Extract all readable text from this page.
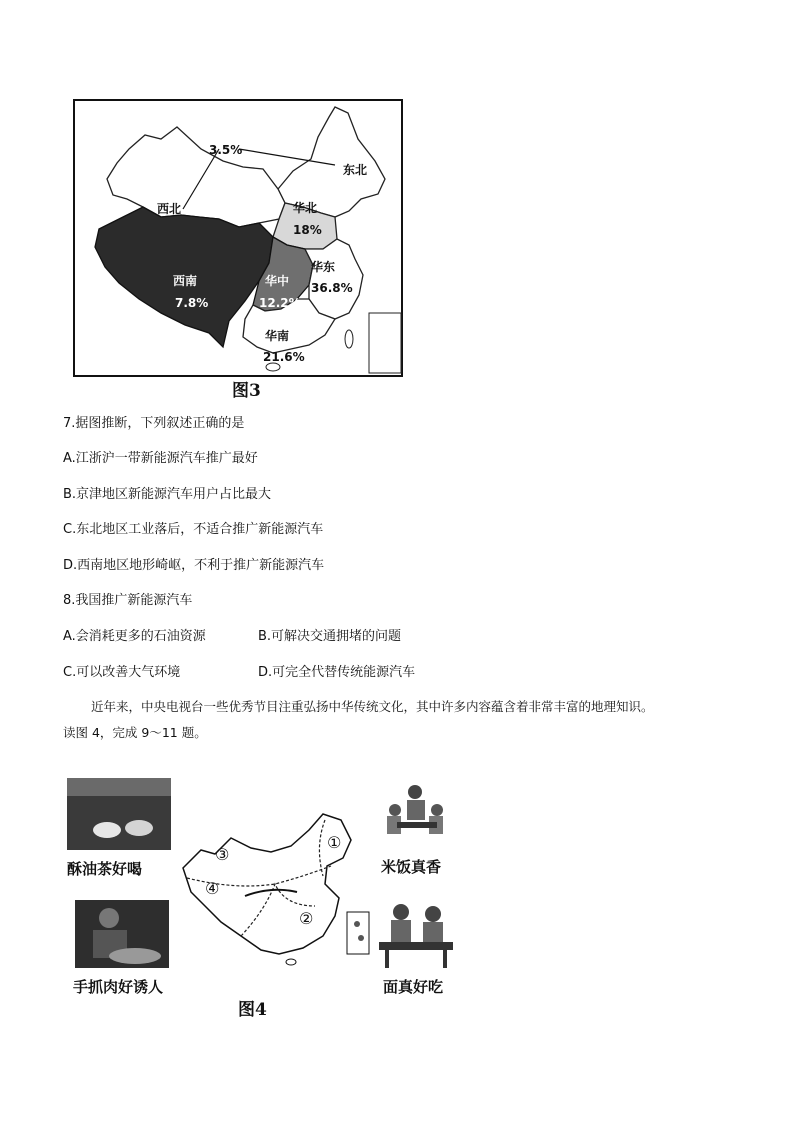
3.5%
东北
西北	华北
18%
华东
36.8%
华中
12.2%
西南
7.8%
华南
21.6%
图3
7.据图推断，下列叙述正确的是
A.江浙沪一带新能源汽车推广最好
B.京津地区新能源汽车用户占比最大
C.东北地区工业落后，不适合推广新能源汽车
D.西南地区地形崎岖，不利于推广新能源汽车
8.我国推广新能源汽车
A.会消耗更多的石油资源	B.可解决交通拥堵的问题
C.可以改善大气环境	D.可完全代替传统能源汽车
近年来，中央电视台一些优秀节目注重弘扬中华传统文化，其中许多内容蕴含着非常丰富的地理知识。
读图 4，完成 9～11 题。
酥油茶好喝
手抓肉好诱人
①
②
③
④
米饭真香
面真好吃
图4
